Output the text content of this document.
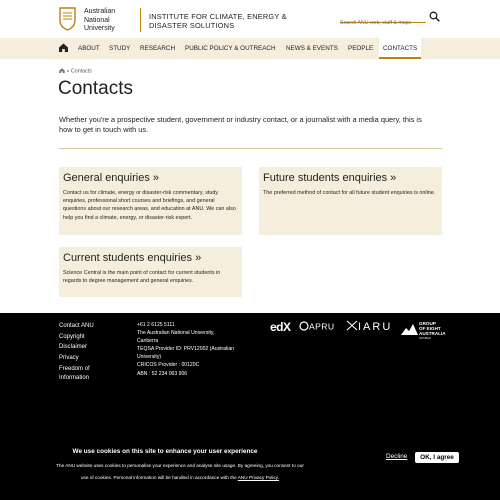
Australian
National
University
INSTITUTE FOR CLIMATE, ENERGY & DISASTER SOLUTIONS
Search ANU web, staff & maps
ABOUT STUDY RESEARCH PUBLIC POLICY & OUTREACH NEWS & EVENTS PEOPLE	CONTACTS
» Contacts
Contacts

Whether you're a prospective student, government or industry contact, or a journalist with a media query, this is how to get in touch with us.

General enquiries »
Contact us for climate, energy or disaster-risk commentary, study enquiries, professional short courses and briefings, and general questions about our research areas, and education at ANU. We can also help you find a climate, energy, or disaster-risk expert.
Future students enquiries »
The preferred method of contact for all future student enquiries is online.
Current students enquiries »
Science Central is the main point of contact for current students in regards to degree management and general enquiries.
Contact ANU
Copyright
Disclaimer
Privacy
Freedom of Information
+61 2 6125 5111
The Australian National University, Canberra
TEQSA Provider ID: PRV12002 (Australian University)
CRICOS Provider : 00120C
ABN : 52 234 063 906
edX	APRU	IARU	GROUP
OF EIGHT
AUSTRALIA
MEMBER
We use cookies on this site to enhance your user experience
The ANU website uses cookies to personalise your experience and analyse site usage. By agreeing, you consent to our use of cookies. Personal information will be handled in accordance with the ANU Privacy Policy.
Decline	OK, I agree
